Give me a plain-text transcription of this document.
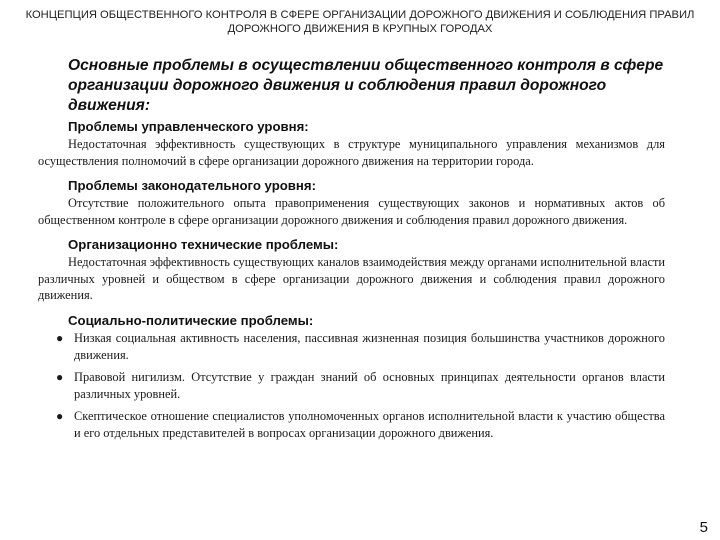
КОНЦЕПЦИЯ ОБЩЕСТВЕННОГО КОНТРОЛЯ В СФЕРЕ ОРГАНИЗАЦИИ ДОРОЖНОГО ДВИЖЕНИЯ И СОБЛЮДЕНИЯ ПРАВИЛ ДОРОЖНОГО ДВИЖЕНИЯ В КРУПНЫХ ГОРОДАХ

Основные проблемы в осуществлении общественного контроля в сфере организации дорожного движения и соблюдения правил дорожного движения:

Проблемы управленческого уровня:

Недостаточная эффективность существующих в структуре муниципального управления механизмов для осуществления полномочий в сфере организации дорожного движения на территории города.

Проблемы законодательного уровня:

Отсутствие положительного опыта правоприменения существующих законов и нормативных актов об общественном контроле в сфере организации дорожного движения и соблюдения правил дорожного движения.

Организационно технические проблемы:

Недостаточная эффективность существующих каналов взаимодействия между органами исполнительной власти различных уровней и обществом в сфере организации дорожного движения и соблюдения правил дорожного движения.

Социально-политические проблемы:
● Низкая социальная активность населения, пассивная жизненная позиция большинства участников дорожного движения.
● Правовой нигилизм. Отсутствие у граждан знаний об основных принципах деятельности органов власти различных уровней.
● Скептическое отношение специалистов уполномоченных органов исполнительной власти к участию общества и его отдельных представителей в вопросах организации дорожного движения.
5
